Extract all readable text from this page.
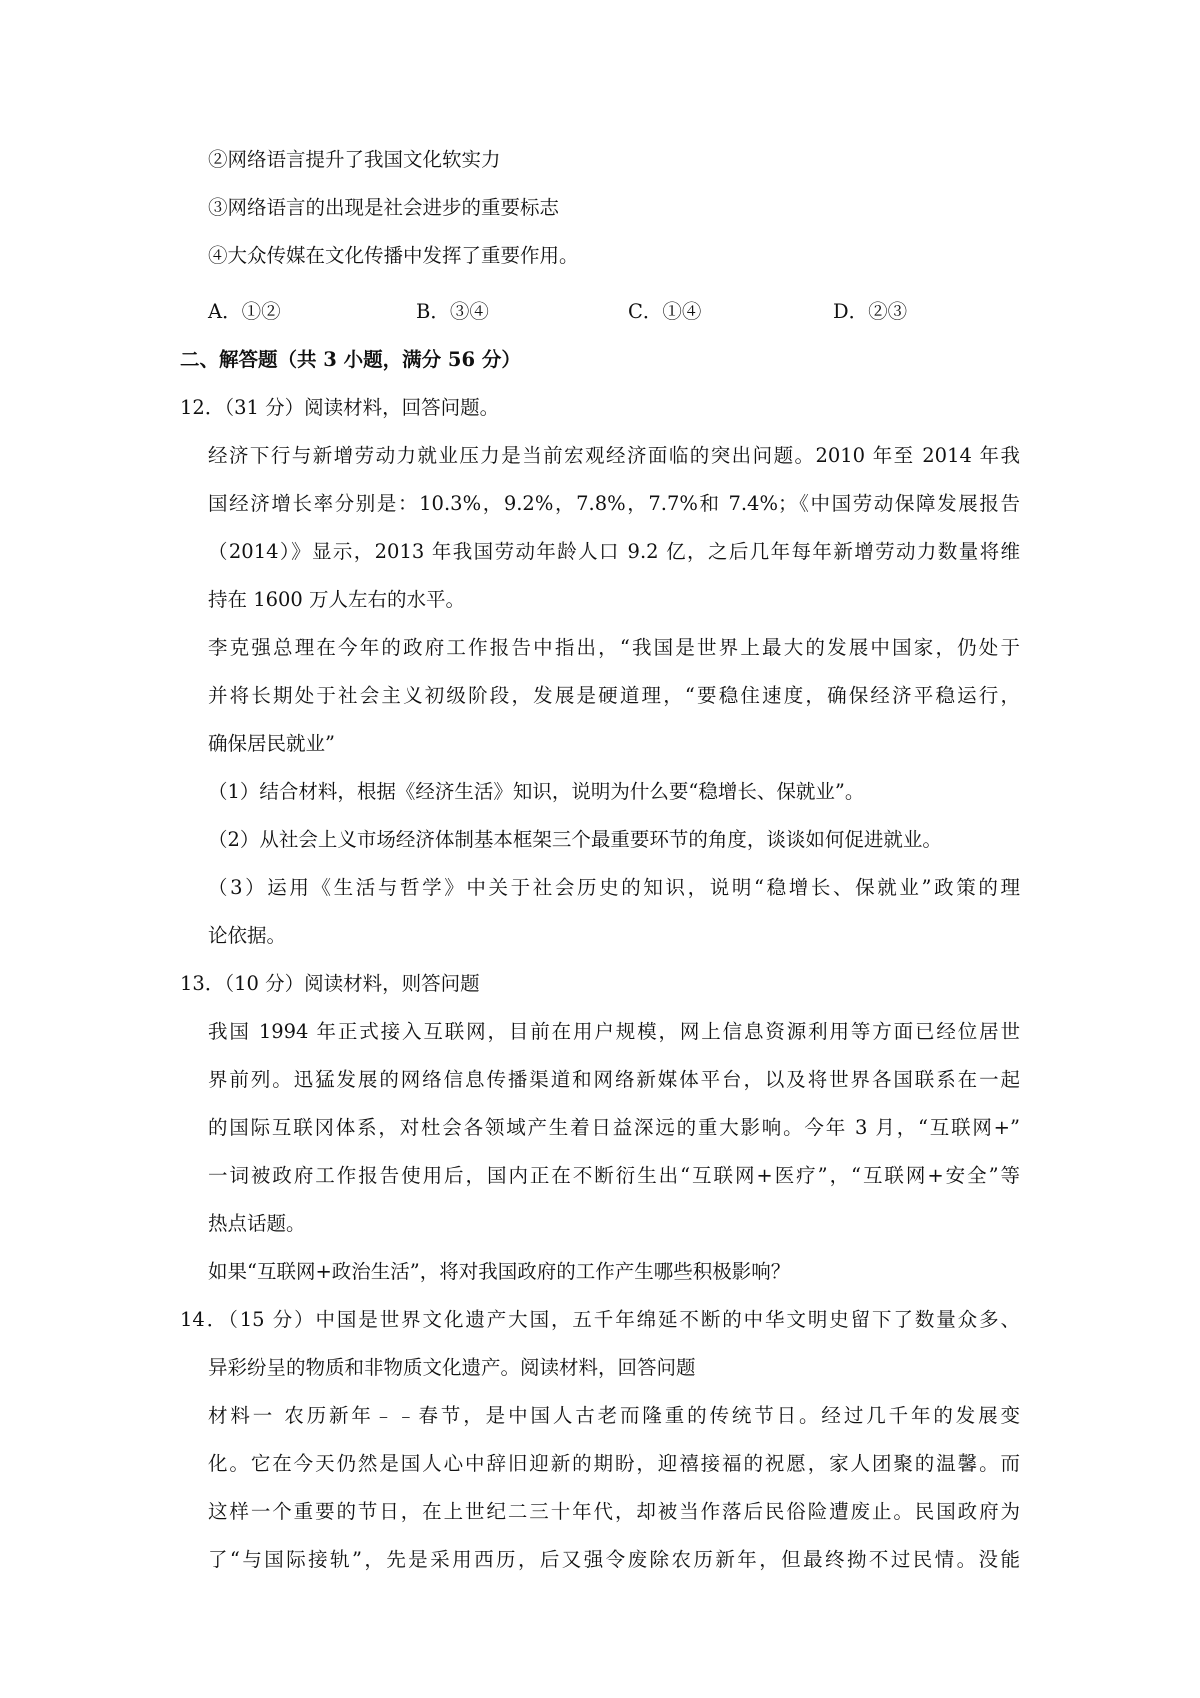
②网络语言提升了我国文化软实力
③网络语言的出现是社会进步的重要标志
④大众传媒在文化传播中发挥了重要作用。
A．①②	B．③④	C．①④	D．②③
二、解答题（共 3 小题，满分 56 分）
12．（31 分）阅读材料，回答问题。
经济下行与新增劳动力就业压力是当前宏观经济面临的突出问题。2010 年至 2014 年我
国经济增长率分别是：10.3%，9.2%，7.8%，7.7%和 7.4%；《中国劳动保障发展报告
（2014）》显示，2013 年我国劳动年龄人口 9.2 亿，之后几年每年新增劳动力数量将维
持在 1600 万人左右的水平。
李克强总理在今年的政府工作报告中指出，“我国是世界上最大的发展中国家，仍处于
并将长期处于社会主义初级阶段，发展是硬道理，“要稳住速度，确保经济平稳运行，
确保居民就业”
（1）结合材料，根据《经济生活》知识，说明为什么要“稳增长、保就业”。
（2）从社会上义市场经济体制基本框架三个最重要环节的角度，谈谈如何促进就业。
（3）运用《生活与哲学》中关于社会历史的知识，说明“稳增长、保就业”政策的理
论依据。
13．（10 分）阅读材料，则答问题
我国 1994 年正式接入互联网，目前在用户规模，网上信息资源利用等方面已经位居世
界前列。迅猛发展的网络信息传播渠道和网络新媒体平台，以及将世界各国联系在一起
的国际互联冈体系，对杜会各领域产生着日益深远的重大影响。今年 3 月，“互联网+”
一词被政府工作报告使用后，国内正在不断衍生出“互联网+医疗”，“互联网+安全”等
热点话题。
如果“互联网+政治生活”，将对我国政府的工作产生哪些积极影响？
14．（15 分）中国是世界文化遗产大国，五千年绵延不断的中华文明史留下了数量众多、
异彩纷呈的物质和非物质文化遗产。阅读材料，回答问题
材料一 农历新年﹣﹣春节，是中国人古老而隆重的传统节日。经过几千年的发展变
化。它在今天仍然是国人心中辞旧迎新的期盼，迎禧接福的祝愿，家人团聚的温馨。而
这样一个重要的节日，在上世纪二三十年代，却被当作落后民俗险遭废止。民国政府为
了“与国际接轨”，先是采用西历，后又强令废除农历新年，但最终拗不过民情。没能
